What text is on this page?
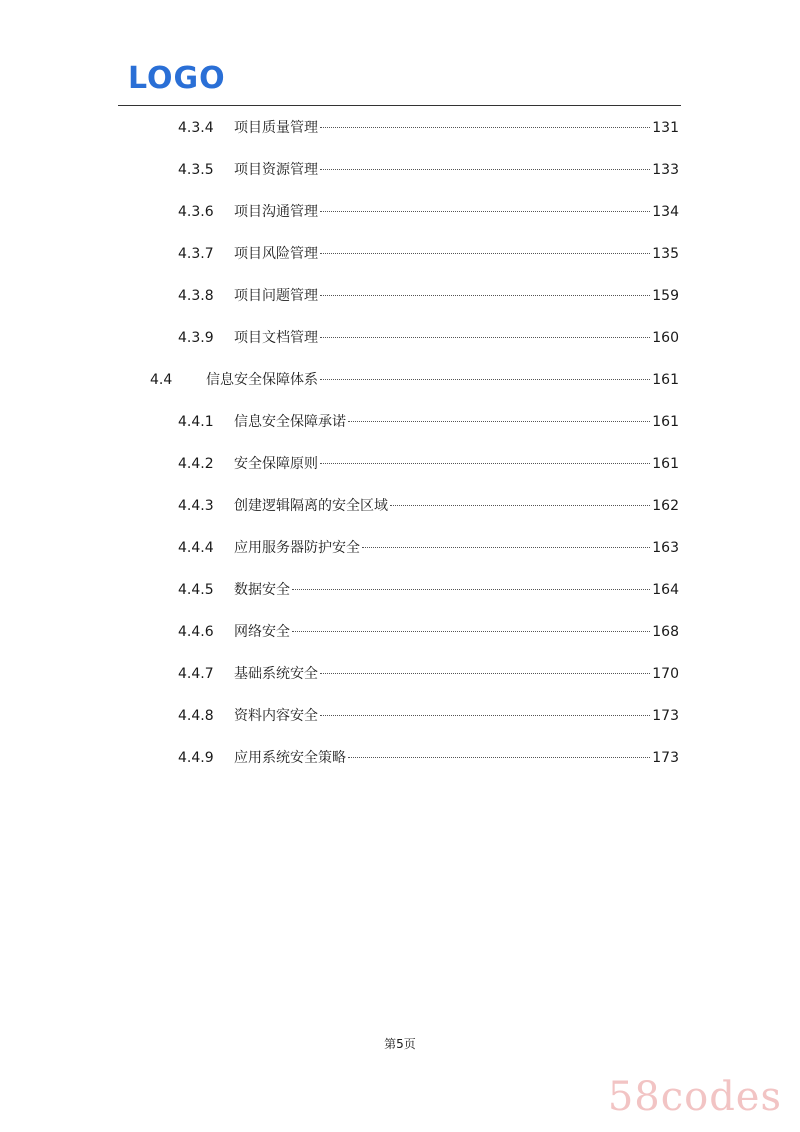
LOGO
4.3.4 项目质量管理	131
4.3.5 项目资源管理	133
4.3.6 项目沟通管理	134
4.3.7 项目风险管理	135
4.3.8 项目问题管理	159
4.3.9 项目文档管理	160
4.4 信息安全保障体系	161
4.4.1 信息安全保障承诺	161
4.4.2 安全保障原则	161
4.4.3 创建逻辑隔离的安全区域	162
4.4.4 应用服务器防护安全	163
4.4.5 数据安全	164
4.4.6 网络安全	168
4.4.7 基础系统安全	170
4.4.8 资料内容安全	173
4.4.9 应用系统安全策略	173
第5页
58codes
